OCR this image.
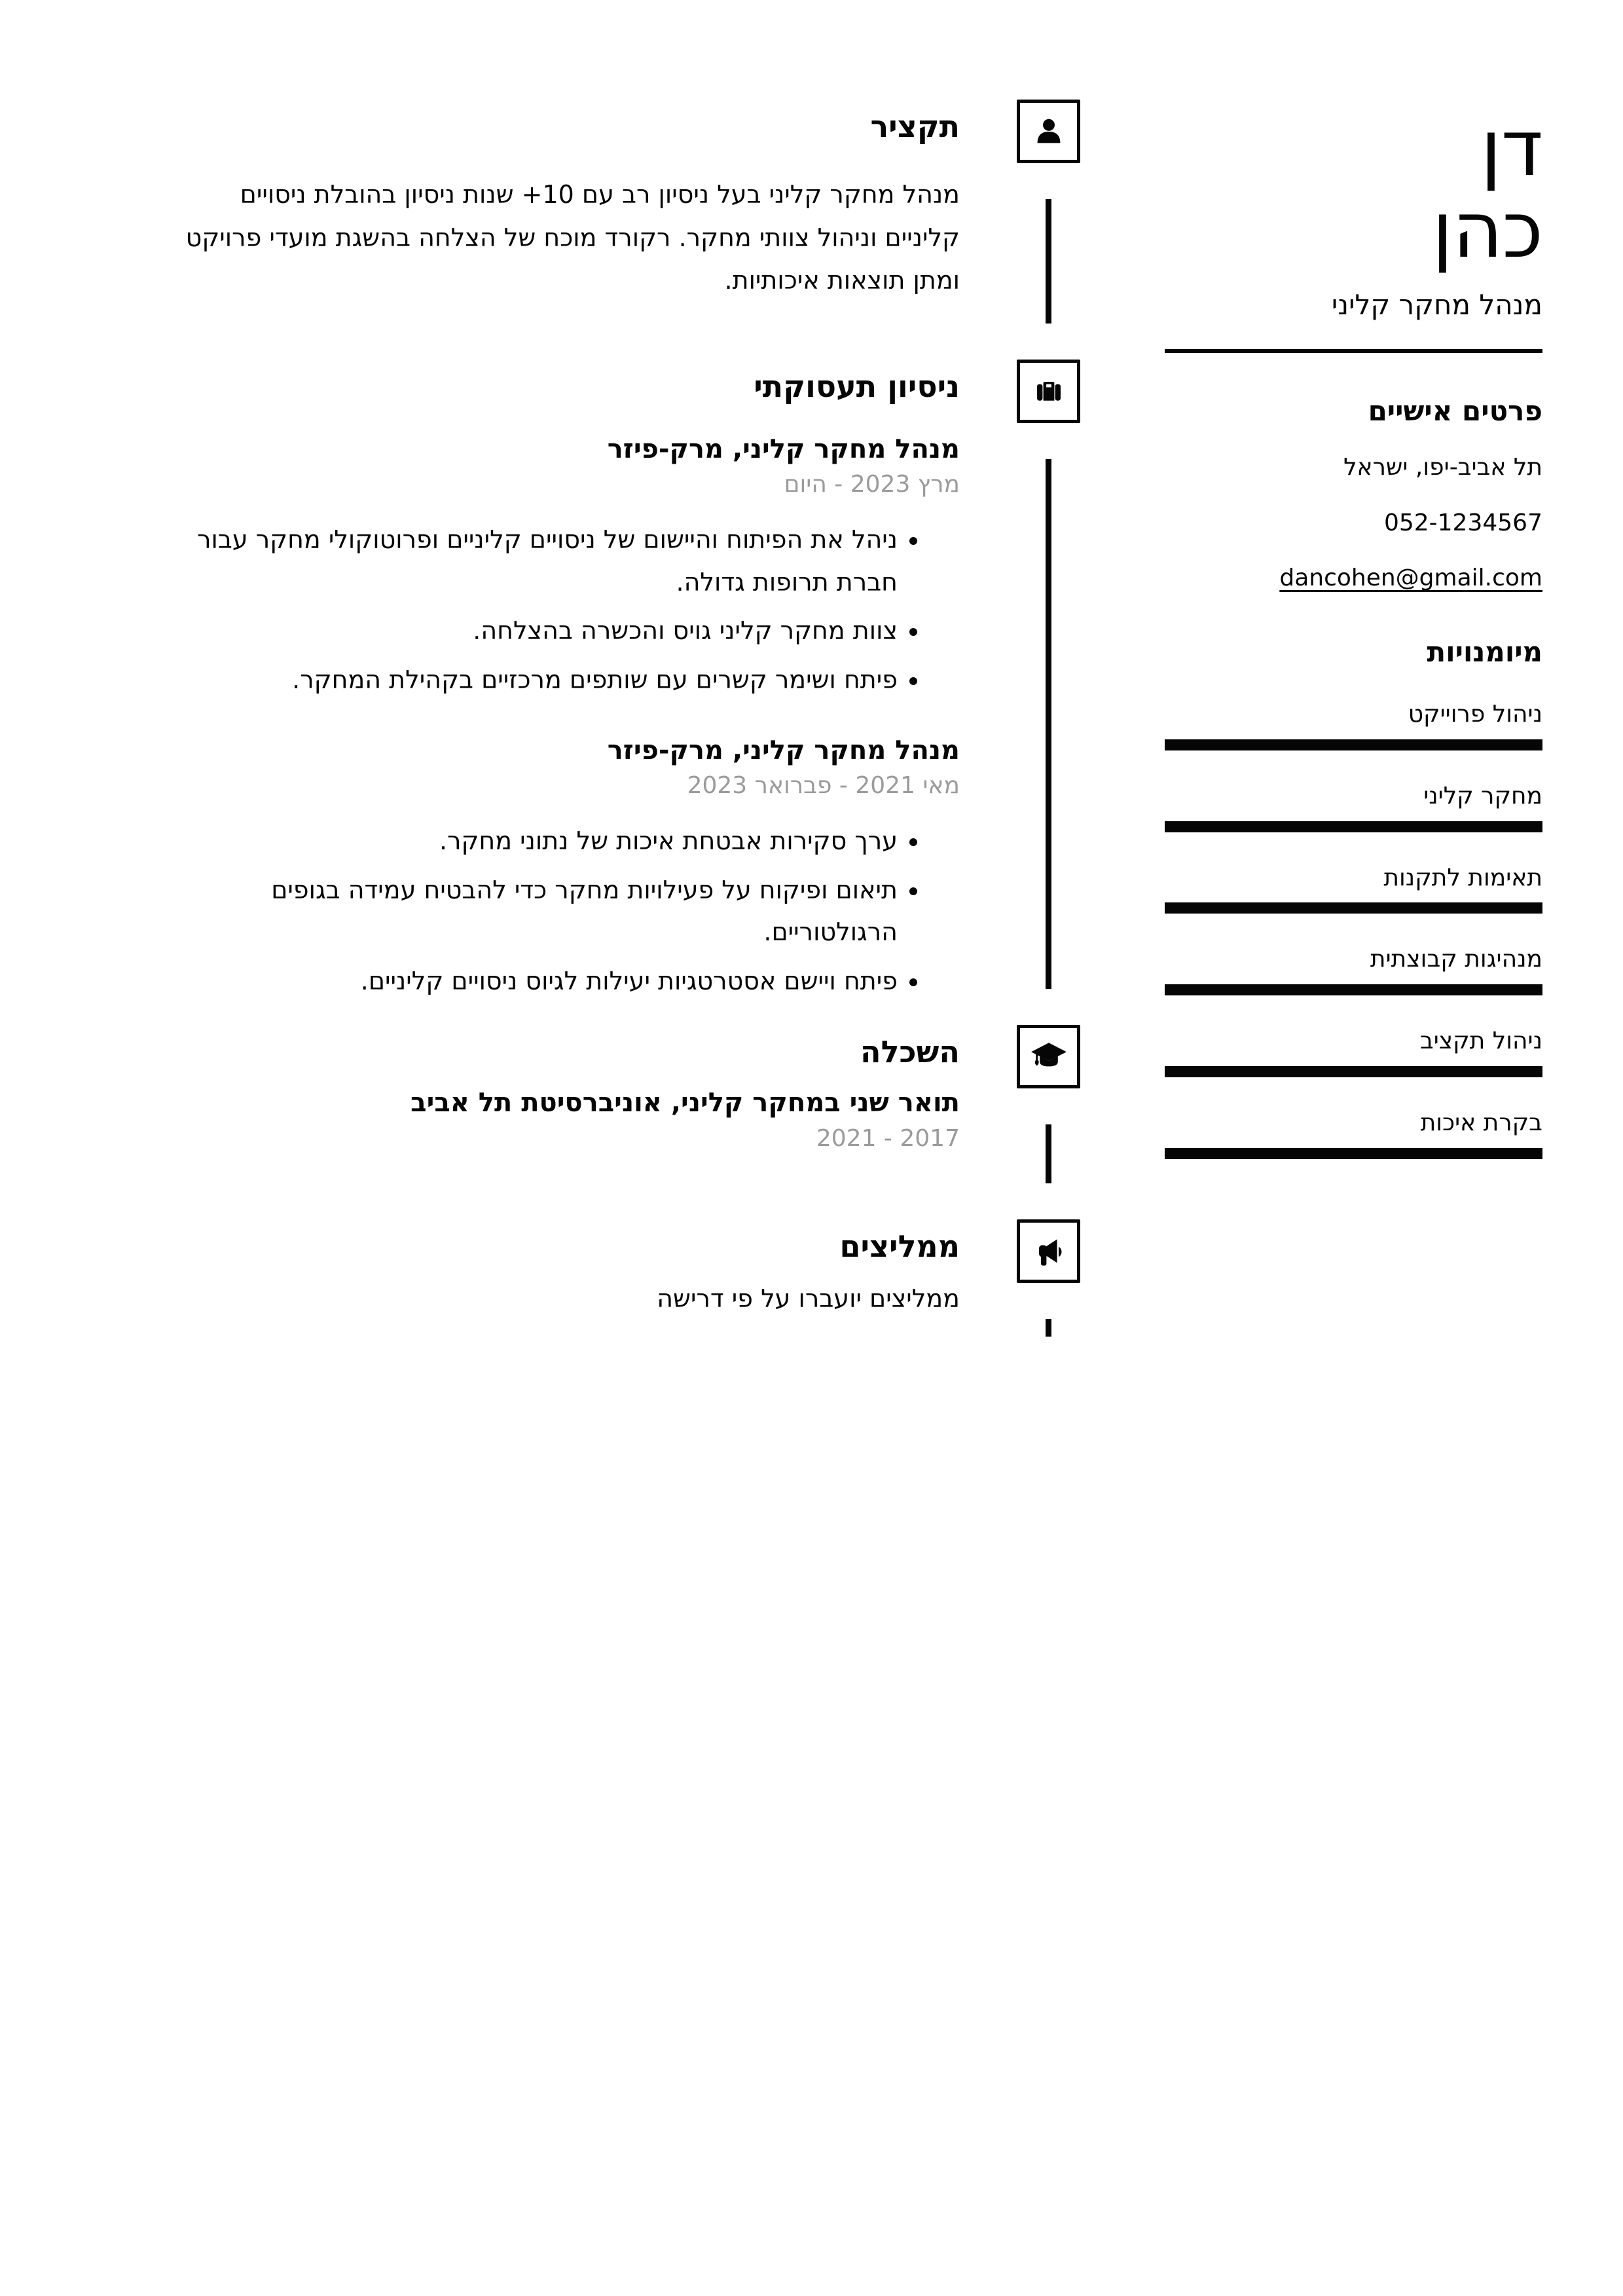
דן
כהן
מנהל מחקר קליני
פרטים אישיים
תל אביב-יפו, ישראל
052-1234567
dancohen@gmail.com
מיומנויות
ניהול פרוייקט
מחקר קליני
תאימות לתקנות
מנהיגות קבוצתית
ניהול תקציב
בקרת איכות
תקציר

מנהל מחקר קליני בעל ניסיון רב עם 10+ שנות ניסיון בהובלת ניסויים קליניים וניהול צוותי מחקר. רקורד מוכח של הצלחה בהשגת מועדי פרויקט ומתן תוצאות איכותיות.

ניסיון תעסוקתי
מנהל מחקר קליני, מרק-פיזר
מרץ 2023 - היום
• ניהל את הפיתוח והיישום של ניסויים קליניים ופרוטוקולי מחקר עבור חברת תרופות גדולה.
• צוות מחקר קליני גויס והכשרה בהצלחה.
• פיתח ושימר קשרים עם שותפים מרכזיים בקהילת המחקר.
מנהל מחקר קליני, מרק-פיזר
מאי 2021 - פברואר 2023
• ערך סקירות אבטחת איכות של נתוני מחקר.
• תיאום ופיקוח על פעילויות מחקר כדי להבטיח עמידה בגופים הרגולטוריים.
• פיתח ויישם אסטרטגיות יעילות לגיוס ניסויים קליניים.
השכלה
תואר שני במחקר קליני, אוניברסיטת תל אביב
2017 - 2021
ממליצים
ממליצים יועברו על פי דרישה
